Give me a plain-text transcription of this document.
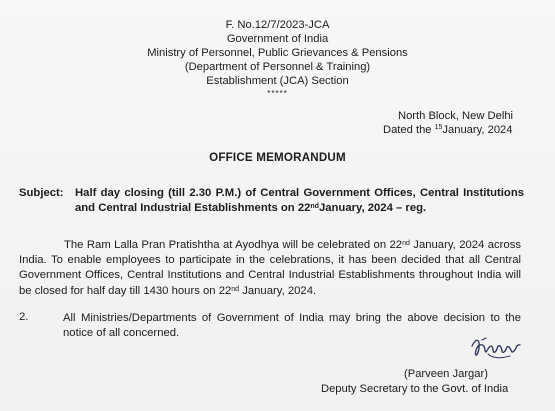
F. No.12/7/2023-JCA
Government of India
Ministry of Personnel, Public Grievances & Pensions
(Department of Personnel & Training)
Establishment (JCA) Section
*****
North Block, New Delhi
Dated the $^{15}$January, 2024
OFFICE MEMORANDUM
Subject: Half day closing (till 2.30 P.M.) of Central Government Offices, Central Institutions and Central Industrial Establishments on 22ndJanuary, 2024 – reg.
The Ram Lalla Pran Pratishtha at Ayodhya will be celebrated on 22nd January, 2024 across India. To enable employees to participate in the celebrations, it has been decided that all Central Government Offices, Central Institutions and Central Industrial Establishments throughout India will be closed for half day till 1430 hours on 22nd January, 2024.
2.	All Ministries/Departments of Government of India may bring the above decision to the notice of all concerned.
(Parveen Jargar)
Deputy Secretary to the Govt. of India
